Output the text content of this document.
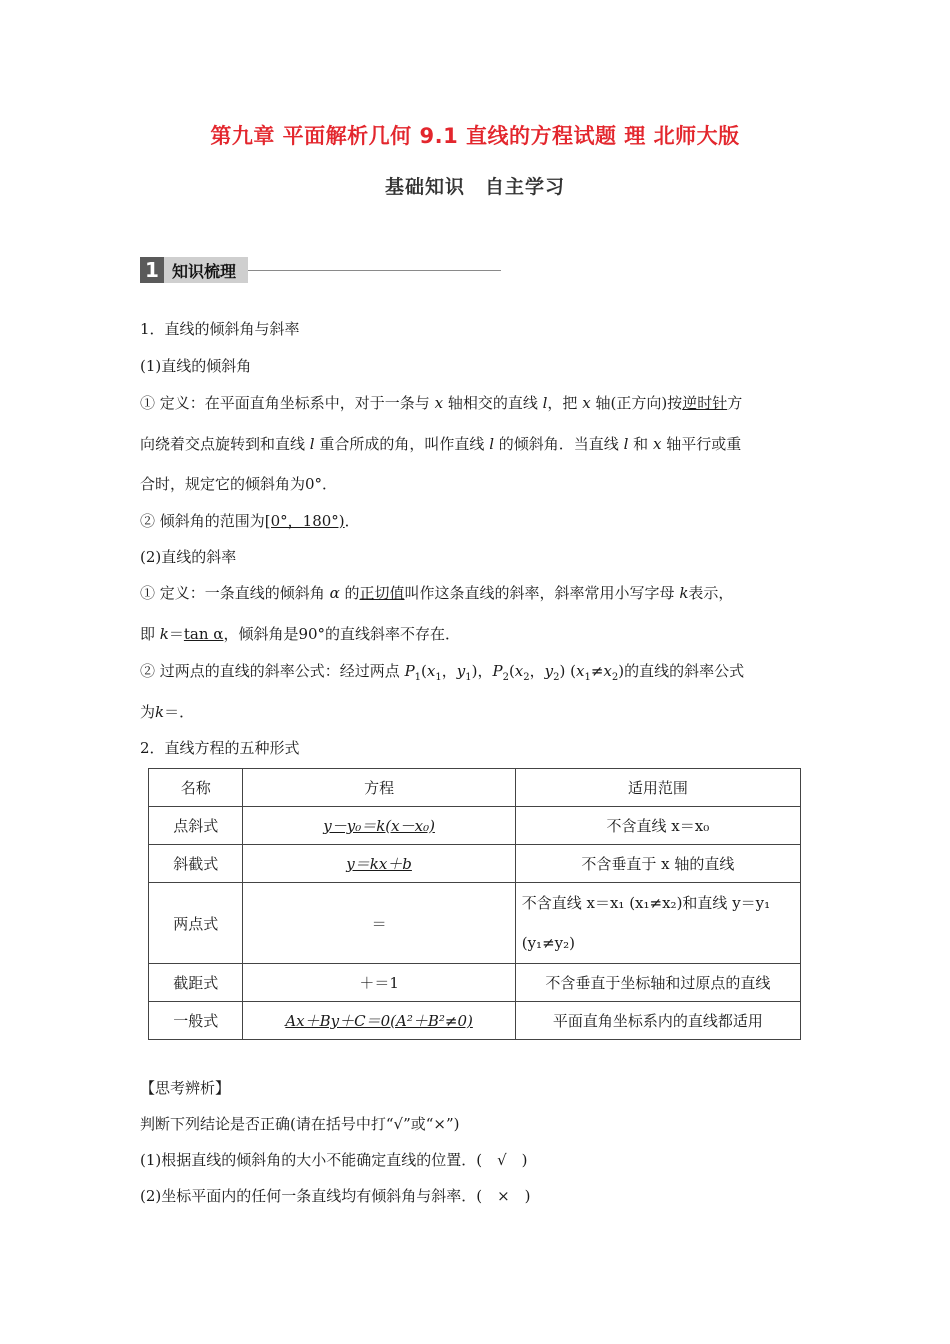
第九章 平面解析几何 9.1 直线的方程试题 理 北师大版
基础知识　自主学习
1 知识梳理
1．直线的倾斜角与斜率
(1)直线的倾斜角
① 定义：在平面直角坐标系中，对于一条与 x 轴相交的直线 l，把 x 轴(正方向)按逆时针方
向绕着交点旋转到和直线 l 重合所成的角，叫作直线 l 的倾斜角．当直线 l 和 x 轴平行或重
合时，规定它的倾斜角为0°．
② 倾斜角的范围为[0°，180°)．
(2)直线的斜率
① 定义：一条直线的倾斜角 α 的正切值叫作这条直线的斜率，斜率常用小写字母 k表示，
即 k＝tan α，倾斜角是90°的直线斜率不存在．
② 过两点的直线的斜率公式：经过两点 $P_1(x_1$，$y_1$)，$P_2(x_2$，$y_2$) $(x_1\ne x_2)$的直线的斜率公式
为k＝．
2．直线方程的五种形式
名称	方程	适用范围
点斜式	y－y₀＝k(x－x₀)	不含直线 x＝x₀
斜截式	y＝kx＋b	不含垂直于 x 轴的直线
两点式	＝	不含直线 x＝x₁ (x₁≠x₂)和直线 y＝y₁
(y₁≠y₂)

截距式	＋＝1	不含垂直于坐标轴和过原点的直线
一般式	Ax＋By＋C＝0(A²＋B²≠0)	平面直角坐标系内的直线都适用
【思考辨析】
判断下列结论是否正确(请在括号中打“√”或“×”)
(1)根据直线的倾斜角的大小不能确定直线的位置．(　√　)
(2)坐标平面内的任何一条直线均有倾斜角与斜率．(　×　)
